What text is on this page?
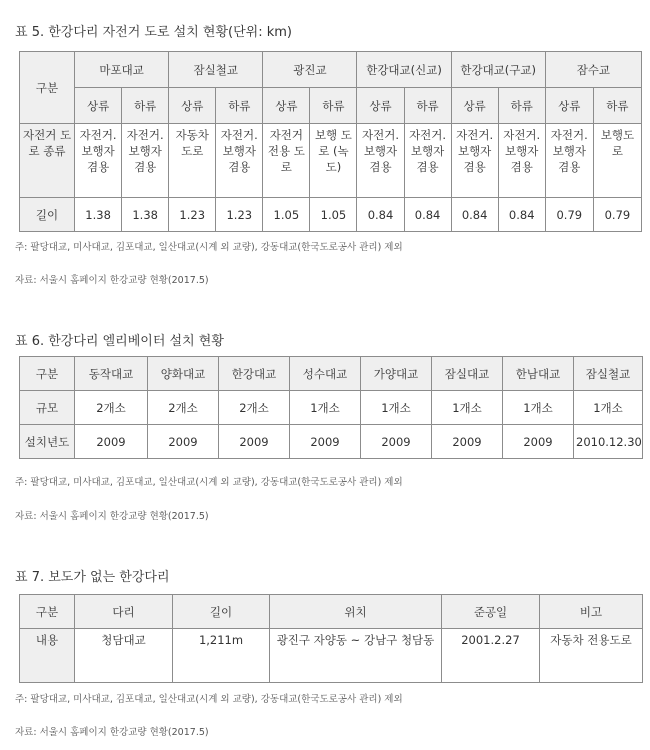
표 5. 한강다리 자전거 도로 설치 현황(단위: km)
구분	마포대교		잠실철교		광진교		한강대교(신교)		한강대교(구교)		잠수교	
	상류	하류	상류	하류	상류	하류	상류	하류	상류	하류	상류	하류
자전거 도로 종류	자전거.보행자겸용	자전거.보행자겸용	자동차도로	자전거.보행자겸용	자전거 전용 도로	보행 도로 (녹도)	자전거.보행자겸용	자전거.보행자겸용	자전거.보행자겸용	자전거.보행자겸용	자전거.보행자겸용	보행도로
길이	1.38	1.38	1.23	1.23	1.05	1.05	0.84	0.84	0.84	0.84	0.79	0.79
주: 팔당대교, 미사대교, 김포대교, 일산대교(시계 외 교량), 강동대교(한국도로공사 관리) 제외
자료: 서울시 홈페이지 한강교량 현황(2017.5)
표 6. 한강다리 엘리베이터 설치 현황
구분	동작대교	양화대교	한강대교	성수대교	가양대교	잠실대교	한남대교	잠실철교
규모	2개소	2개소	2개소	1개소	1개소	1개소	1개소	1개소
설치년도	2009	2009	2009	2009	2009	2009	2009	2010.12.30
주: 팔당대교, 미사대교, 김포대교, 일산대교(시계 외 교량), 강동대교(한국도로공사 관리) 제외
자료: 서울시 홈페이지 한강교량 현황(2017.5)
표 7. 보도가 없는 한강다리
구분	다리	길이	위치	준공일	비고
내용	청담대교	1,211m	광진구 자양동 ~ 강남구 청담동	2001.2.27	자동차 전용도로
주: 팔당대교, 미사대교, 김포대교, 일산대교(시계 외 교량), 강동대교(한국도로공사 관리) 제외
자료: 서울시 홈페이지 한강교량 현황(2017.5)
